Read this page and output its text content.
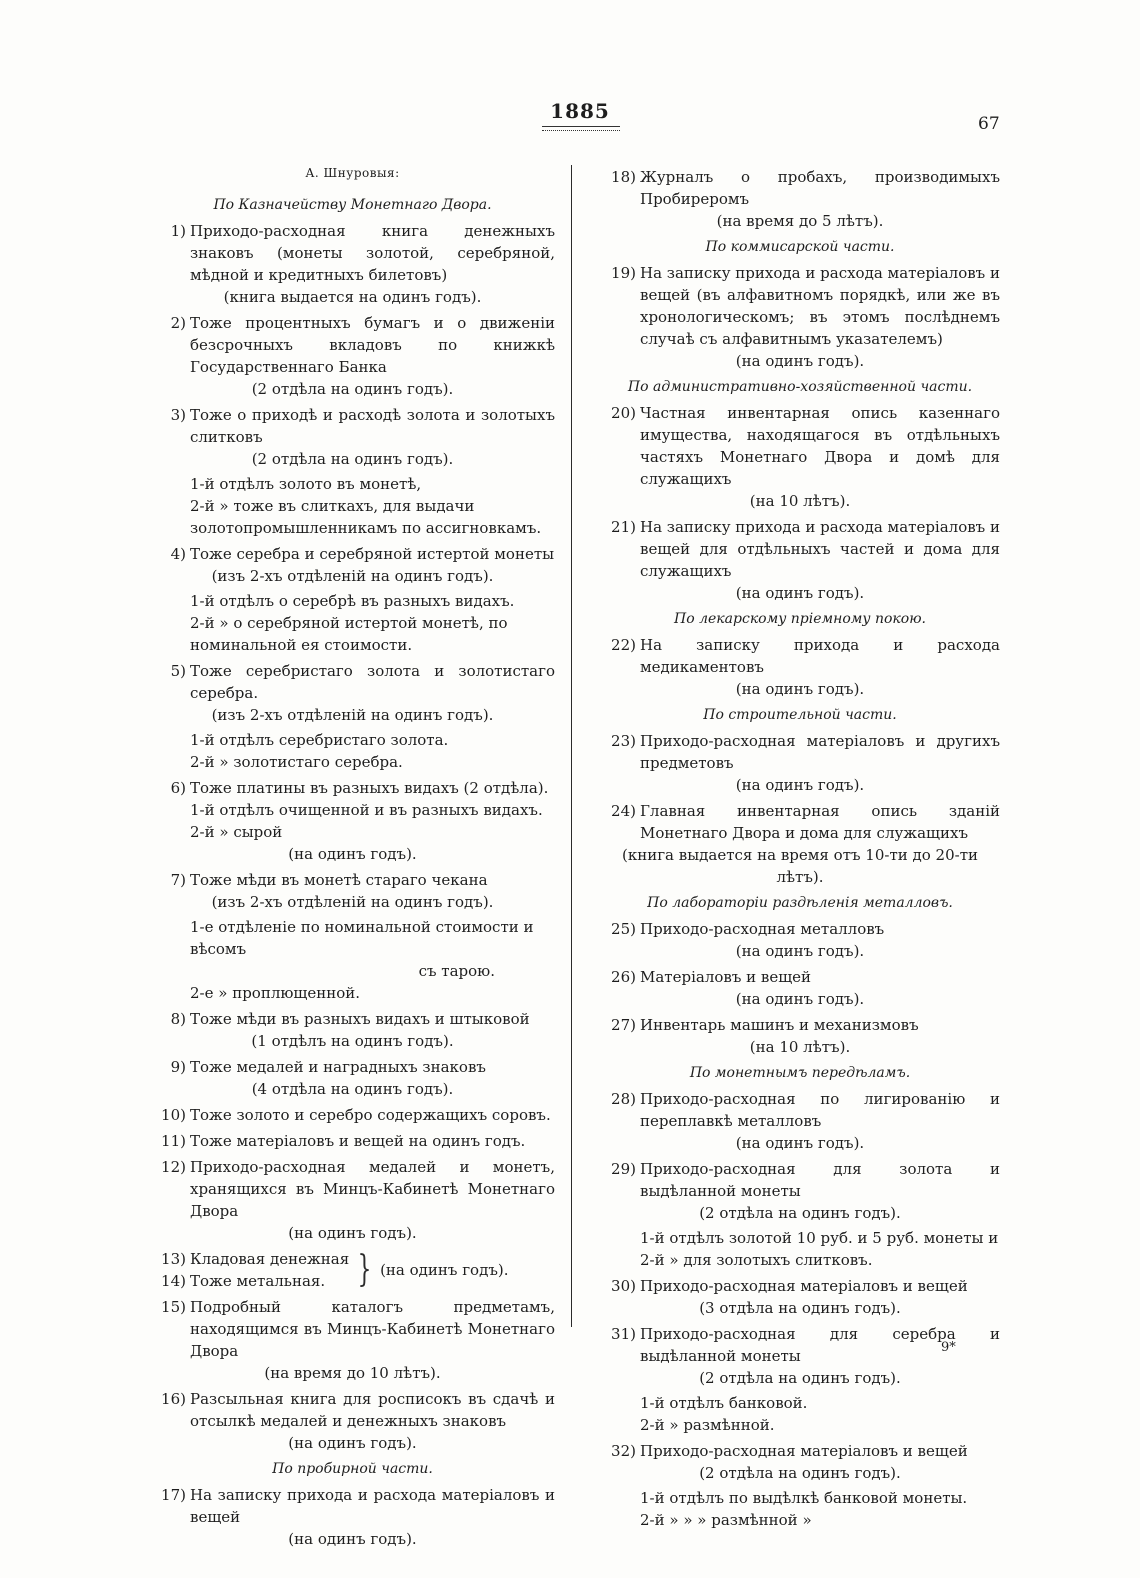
1885
67
А. Шнуровыя:
По Казначейству Монетнаго Двора.
1) Приходо-расходная книга денежныхъ знаковъ (монеты золотой, серебряной, мѣдной и кредитныхъ билетовъ)
(книга выдается на одинъ годъ).
2) Тоже процентныхъ бумагъ и о движеніи безсрочныхъ вкладовъ по книжкѣ Государственнаго Банка
(2 отдѣла на одинъ годъ).
3) Тоже о приходѣ и расходѣ золота и золотыхъ слитковъ
(2 отдѣла на одинъ годъ).
1-й отдѣлъ золото въ монетѣ,
2-й » тоже въ слиткахъ, для выдачи золотопромышленникамъ по ассигновкамъ.
4) Тоже серебра и серебряной истертой монеты
(изъ 2-хъ отдѣленій на одинъ годъ).
1-й отдѣлъ о серебрѣ въ разныхъ видахъ.
2-й » о серебряной истертой монетѣ, по номинальной ея стоимости.
5) Тоже серебристаго золота и золотистаго серебра.
(изъ 2-хъ отдѣленій на одинъ годъ).
1-й отдѣлъ серебристаго золота.
2-й » золотистаго серебра.
6) Тоже платины въ разныхъ видахъ (2 отдѣла).
1-й отдѣлъ очищенной и въ разныхъ видахъ.
2-й » сырой
(на одинъ годъ).
7) Тоже мѣди въ монетѣ стараго чекана
(изъ 2-хъ отдѣленій на одинъ годъ).
1-е отдѣленіе по номинальной стоимости и вѣсомъ
съ тарою.
2-е » проплющенной.
8) Тоже мѣди въ разныхъ видахъ и штыковой
(1 отдѣлъ на одинъ годъ).
9) Тоже медалей и наградныхъ знаковъ
(4 отдѣла на одинъ годъ).
10) Тоже золото и серебро содержащихъ соровъ.
11) Тоже матеріаловъ и вещей на одинъ годъ.
12) Приходо-расходная медалей и монетъ, хранящихся въ Минцъ-Кабинетѣ Монетнаго Двора
(на одинъ годъ).
13) Кладовая денежная
14) Тоже метальная. } (на одинъ годъ).
15) Подробный каталогъ предметамъ, находящимся въ Минцъ-Кабинетѣ Монетнаго Двора
(на время до 10 лѣтъ).
16) Разсыльная книга для росписокъ въ сдачѣ и отсылкѣ медалей и денежныхъ знаковъ
(на одинъ годъ).
По пробирной части.
17) На записку прихода и расхода матеріаловъ и вещей
(на одинъ годъ).
18) Журналъ о пробахъ, производимыхъ Пробиреромъ
(на время до 5 лѣтъ).
По коммисарской части.
19) На записку прихода и расхода матеріаловъ и вещей (въ алфавитномъ порядкѣ, или же въ хронологическомъ; въ этомъ послѣднемъ случаѣ съ алфавитнымъ указателемъ)
(на одинъ годъ).
По административно-хозяйственной части.
20) Частная инвентарная опись казеннаго имущества, находящагося въ отдѣльныхъ частяхъ Монетнаго Двора и домѣ для служащихъ
(на 10 лѣтъ).
21) На записку прихода и расхода матеріаловъ и вещей для отдѣльныхъ частей и дома для служащихъ
(на одинъ годъ).
По лекарскому пріемному покою.
22) На записку прихода и расхода медикаментовъ
(на одинъ годъ).
По строительной части.
23) Приходо-расходная матеріаловъ и другихъ предметовъ
(на одинъ годъ).
24) Главная инвентарная опись зданій Монетнаго Двора и дома для служащихъ
(книга выдается на время отъ 10-ти до 20-ти лѣтъ).
По лабораторіи раздѣленія металловъ.
25) Приходо-расходная металловъ
(на одинъ годъ).
26) Матеріаловъ и вещей
(на одинъ годъ).
27) Инвентарь машинъ и механизмовъ
(на 10 лѣтъ).
По монетнымъ передѣламъ.
28) Приходо-расходная по лигированію и переплавкѣ металловъ
(на одинъ годъ).
29) Приходо-расходная для золота и выдѣланной монеты
(2 отдѣла на одинъ годъ).
1-й отдѣлъ золотой 10 руб. и 5 руб. монеты и
2-й » для золотыхъ слитковъ.
30) Приходо-расходная матеріаловъ и вещей
(3 отдѣла на одинъ годъ).
31) Приходо-расходная для серебра и выдѣланной монеты
(2 отдѣла на одинъ годъ).
1-й отдѣлъ банковой.
2-й » размѣнной.
32) Приходо-расходная матеріаловъ и вещей
(2 отдѣла на одинъ годъ).
1-й отдѣлъ по выдѣлкѣ банковой монеты.
2-й » » » размѣнной »
9*
